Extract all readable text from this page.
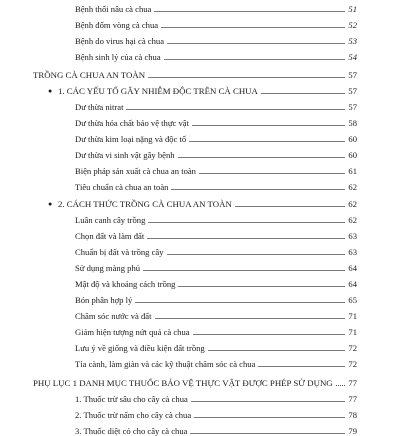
Bệnh thối nâu cà chua	51
Bệnh đốm vòng cà chua	52
Bệnh do virus hại cà chua	53
Bệnh sinh lý của cà chua	54
TRỒNG CÀ CHUA AN TOÀN	57
● 1. CÁC YẾU TỐ GÂY NHIỄM ĐỘC TRÊN CÀ CHUA	57
Dư thừa nitrat	57
Dư thừa hóa chất bảo vệ thực vật	58
Dư thừa kim loại nặng và độc tố	60
Dư thừa vi sinh vật gây bệnh	60
Biện pháp sản xuất cà chua an toàn	61
Tiêu chuẩn cà chua an toàn	62
● 2. CÁCH THỨC TRỒNG CÀ CHUA AN TOÀN	62
Luân canh cây trồng	62
Chọn đất và làm đất	63
Chuẩn bị đất và trồng cây	63
Sử dụng màng phủ	64
Mật độ và khoảng cách trồng	64
Bón phân hợp lý	65
Chăm sóc nước và đất	71
Giảm hiện tượng nứt quả cà chua	71
Lưu ý về giống và điều kiện đất trồng	72
Tỉa cành, làm giàn và các kỹ thuật chăm sóc cà chua	72
PHỤ LỤC 1 DANH MỤC THUỐC BẢO VỆ THỰC VẬT ĐƯỢC PHÉP SỬ DỤNG 77
1. Thuốc trừ sâu cho cây cà chua	77
2. Thuốc trừ nấm cho cây cà chua	78
3. Thuốc diệt cỏ cho cây cà chua	79
